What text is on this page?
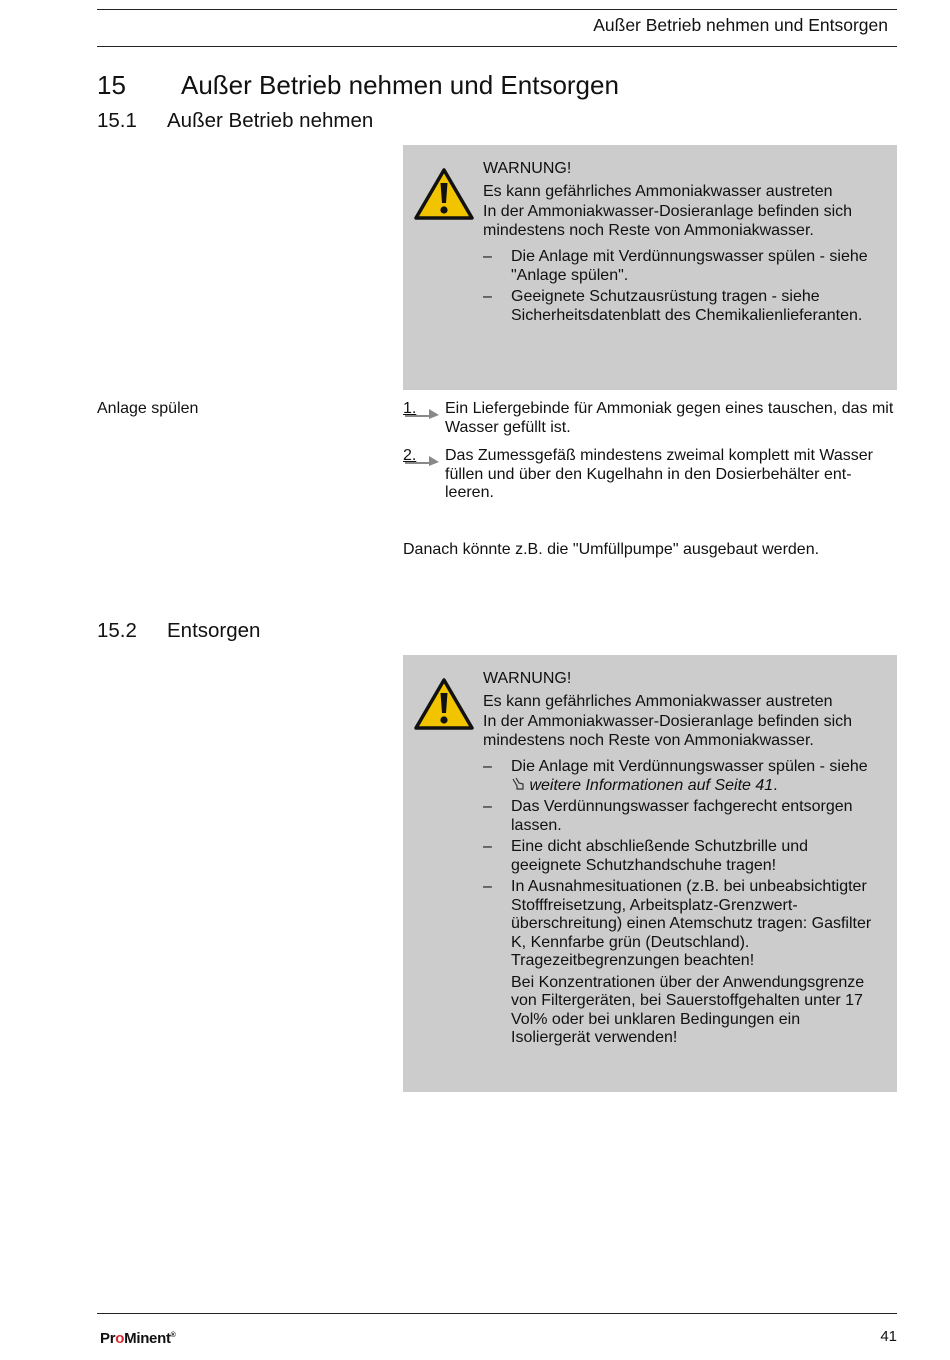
Außer Betrieb nehmen und Entsorgen
15 Außer Betrieb nehmen und Entsorgen
15.1 Außer Betrieb nehmen
WARNUNG!
Es kann gefährliches Ammoniakwasser austreten
In der Ammoniakwasser-Dosieranlage befinden sich mindestens noch Reste von Ammoniakwasser.
– Die Anlage mit Verdünnungswasser spülen - siehe "Anlage spülen".
– Geeignete Schutzausrüstung tragen - siehe Sicherheitsdatenblatt des Chemikalienlieferanten.
Anlage spülen	1. Ein Liefergebinde für Ammoniak gegen eines tauschen, das mit Wasser gefüllt ist.
2. Das Zumessgefäß mindestens zweimal komplett mit Wasser füllen und über den Kugelhahn in den Dosierbehälter entleeren.
Danach könnte z.B. die "Umfüllpumpe" ausgebaut werden.
15.2 Entsorgen
WARNUNG!
Es kann gefährliches Ammoniakwasser austreten
In der Ammoniakwasser-Dosieranlage befinden sich mindestens noch Reste von Ammoniakwasser.
– Die Anlage mit Verdünnungswasser spülen - siehe  weitere Informationen auf Seite 41.
– Das Verdünnungswasser fachgerecht entsorgen lassen.
– Eine dicht abschließende Schutzbrille und geeignete Schutzhandschuhe tragen!
– In Ausnahmesituationen (z.B. bei unbeabsichtigter Stofffreisetzung, Arbeitsplatz-Grenzwertüberschreitung) einen Atemschutz tragen: Gasfilter K, Kennfarbe grün (Deutschland). Tragezeitbegrenzungen beachten!
Bei Konzentrationen über der Anwendungsgrenze von Filtergeräten, bei Sauerstoffgehalten unter 17 Vol% oder bei unklaren Bedingungen ein Isoliergerät verwenden!
ProMinent®	41
